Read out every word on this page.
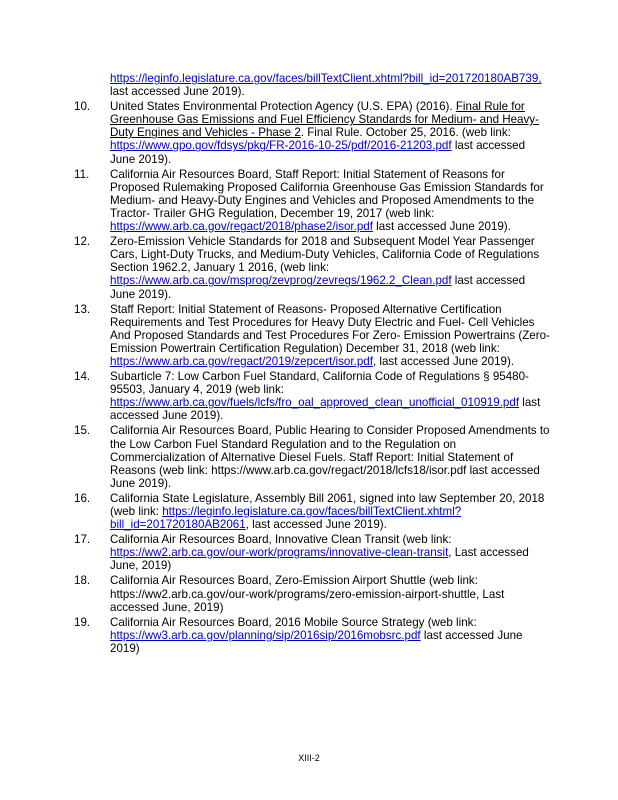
https://leginfo.legislature.ca.gov/faces/billTextClient.xhtml?bill_id=201720180AB739, last accessed June 2019).
10. United States Environmental Protection Agency (U.S. EPA) (2016). Final Rule for Greenhouse Gas Emissions and Fuel Efficiency Standards for Medium- and Heavy-Duty Engines and Vehicles - Phase 2. Final Rule. October 25, 2016. (web link: https://www.gpo.gov/fdsys/pkg/FR-2016-10-25/pdf/2016-21203.pdf last accessed June 2019).
11. California Air Resources Board, Staff Report: Initial Statement of Reasons for Proposed Rulemaking Proposed California Greenhouse Gas Emission Standards for Medium- and Heavy-Duty Engines and Vehicles and Proposed Amendments to the Tractor- Trailer GHG Regulation, December 19, 2017 (web link: https://www.arb.ca.gov/regact/2018/phase2/isor.pdf last accessed June 2019).
12. Zero-Emission Vehicle Standards for 2018 and Subsequent Model Year Passenger Cars, Light-Duty Trucks, and Medium-Duty Vehicles, California Code of Regulations Section 1962.2, January 1 2016, (web link: https://www.arb.ca.gov/msprog/zevprog/zevregs/1962.2_Clean.pdf last accessed June 2019).
13. Staff Report: Initial Statement of Reasons- Proposed Alternative Certification Requirements and Test Procedures for Heavy Duty Electric and Fuel- Cell Vehicles And Proposed Standards and Test Procedures For Zero- Emission Powertrains (Zero-Emission Powertrain Certification Regulation) December 31, 2018 (web link: https://www.arb.ca.gov/regact/2019/zepcert/isor.pdf, last accessed June 2019).
14. Subarticle 7: Low Carbon Fuel Standard, California Code of Regulations § 95480-95503, January 4, 2019 (web link: https://www.arb.ca.gov/fuels/lcfs/fro_oal_approved_clean_unofficial_010919.pdf last accessed June 2019).
15. California Air Resources Board, Public Hearing to Consider Proposed Amendments to the Low Carbon Fuel Standard Regulation and to the Regulation on Commercialization of Alternative Diesel Fuels. Staff Report: Initial Statement of Reasons (web link: https://www.arb.ca.gov/regact/2018/lcfs18/isor.pdf last accessed June 2019).
16. California State Legislature, Assembly Bill 2061, signed into law September 20, 2018 (web link: https://leginfo.legislature.ca.gov/faces/billTextClient.xhtml?bill_id=201720180AB2061, last accessed June 2019).
17. California Air Resources Board, Innovative Clean Transit (web link: https://ww2.arb.ca.gov/our-work/programs/innovative-clean-transit, Last accessed June, 2019)
18. California Air Resources Board, Zero-Emission Airport Shuttle (web link: https://ww2.arb.ca.gov/our-work/programs/zero-emission-airport-shuttle, Last accessed June, 2019)
19. California Air Resources Board, 2016 Mobile Source Strategy (web link: https://ww3.arb.ca.gov/planning/sip/2016sip/2016mobsrc.pdf last accessed June 2019)
XIII-2
